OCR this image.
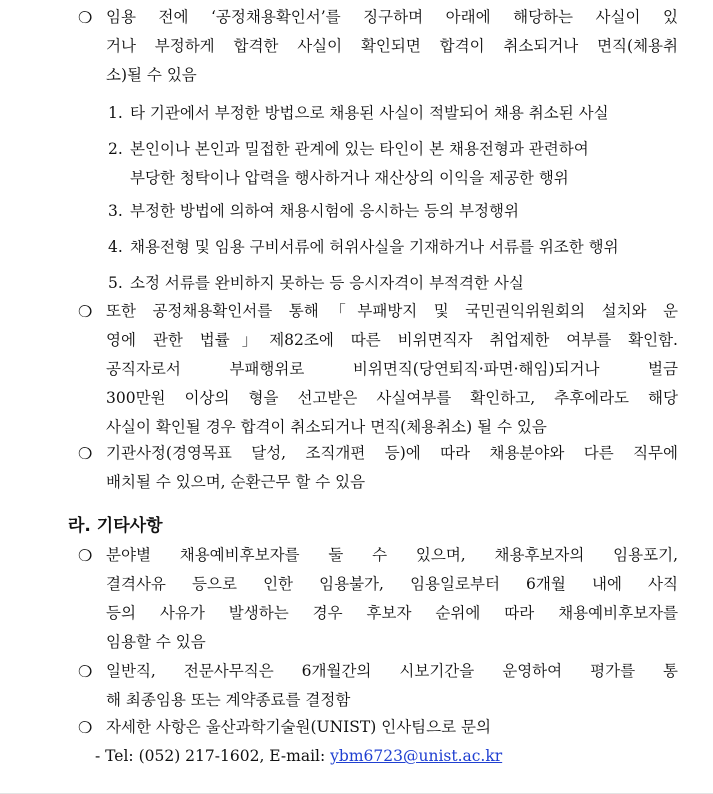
❍ 임용 전에 ‘공정채용확인서’를 징구하며 아래에 해당하는 사실이 있
거나 부정하게 합격한 사실이 확인되면 합격이 취소되거나 면직(체용취
소)될 수 있음
1. 타 기관에서 부정한 방법으로 채용된 사실이 적발되어 채용 취소된 사실
2. 본인이나 본인과 밀접한 관계에 있는 타인이 본 채용전형과 관련하여
부당한 청탁이나 압력을 행사하거나 재산상의 이익을 제공한 행위
3. 부정한 방법에 의하여 채용시험에 응시하는 등의 부정행위
4. 채용전형 및 임용 구비서류에 허위사실을 기재하거나 서류를 위조한 행위
5. 소정 서류를 완비하지 못하는 등 응시자격이 부적격한 사실
❍ 또한 공정채용확인서를 통해「부패방지 및 국민권익위원회의 설치와 운
영에 관한 법률」제82조에 따른 비위면직자 취업제한 여부를 확인함.
공직자로서 부패행위로 비위면직(당연퇴직·파면·해임)되거나 벌금
300만원 이상의 형을 선고받은 사실여부를 확인하고, 추후에라도 해당
사실이 확인될 경우 합격이 취소되거나 면직(체용취소) 될 수 있음
❍ 기관사정(경영목표 달성, 조직개편 등)에 따라 채용분야와 다른 직무에
배치될 수 있으며, 순환근무 할 수 있음
라. 기타사항
❍ 분야별 채용예비후보자를 둘 수 있으며, 채용후보자의 임용포기,
결격사유 등으로 인한 임용불가, 임용일로부터 6개월 내에 사직
등의 사유가 발생하는 경우 후보자 순위에 따라 채용예비후보자를
임용할 수 있음
❍ 일반직, 전문사무직은 6개월간의 시보기간을 운영하여 평가를 통
해 최종임용 또는 계약종료를 결정함
❍ 자세한 사항은 울산과학기술원(UNIST) 인사팀으로 문의
- Tel: (052) 217-1602, E-mail: ybm6723@unist.ac.kr
